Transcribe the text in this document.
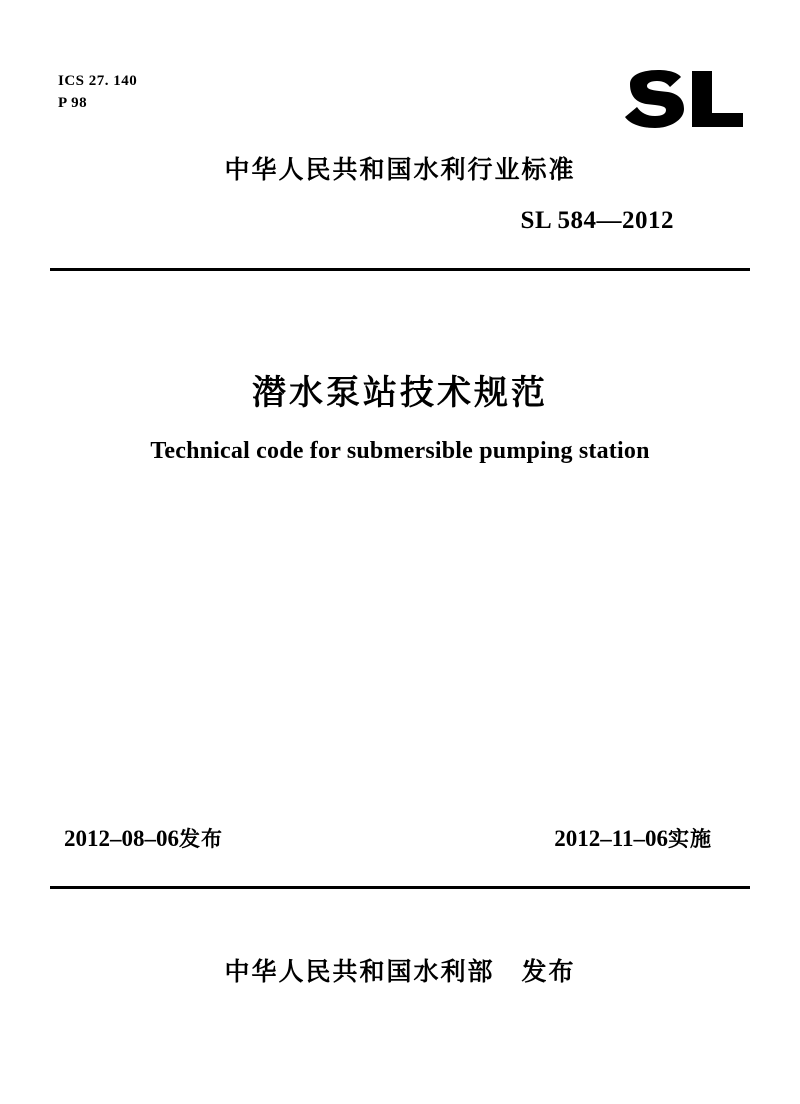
ICS 27. 140
P 98
中华人民共和国水利行业标准
SL 584—2012
潜水泵站技术规范
Technical code for submersible pumping station
2012–08–06发布	2012–11–06实施
中华人民共和国水利部　发布
